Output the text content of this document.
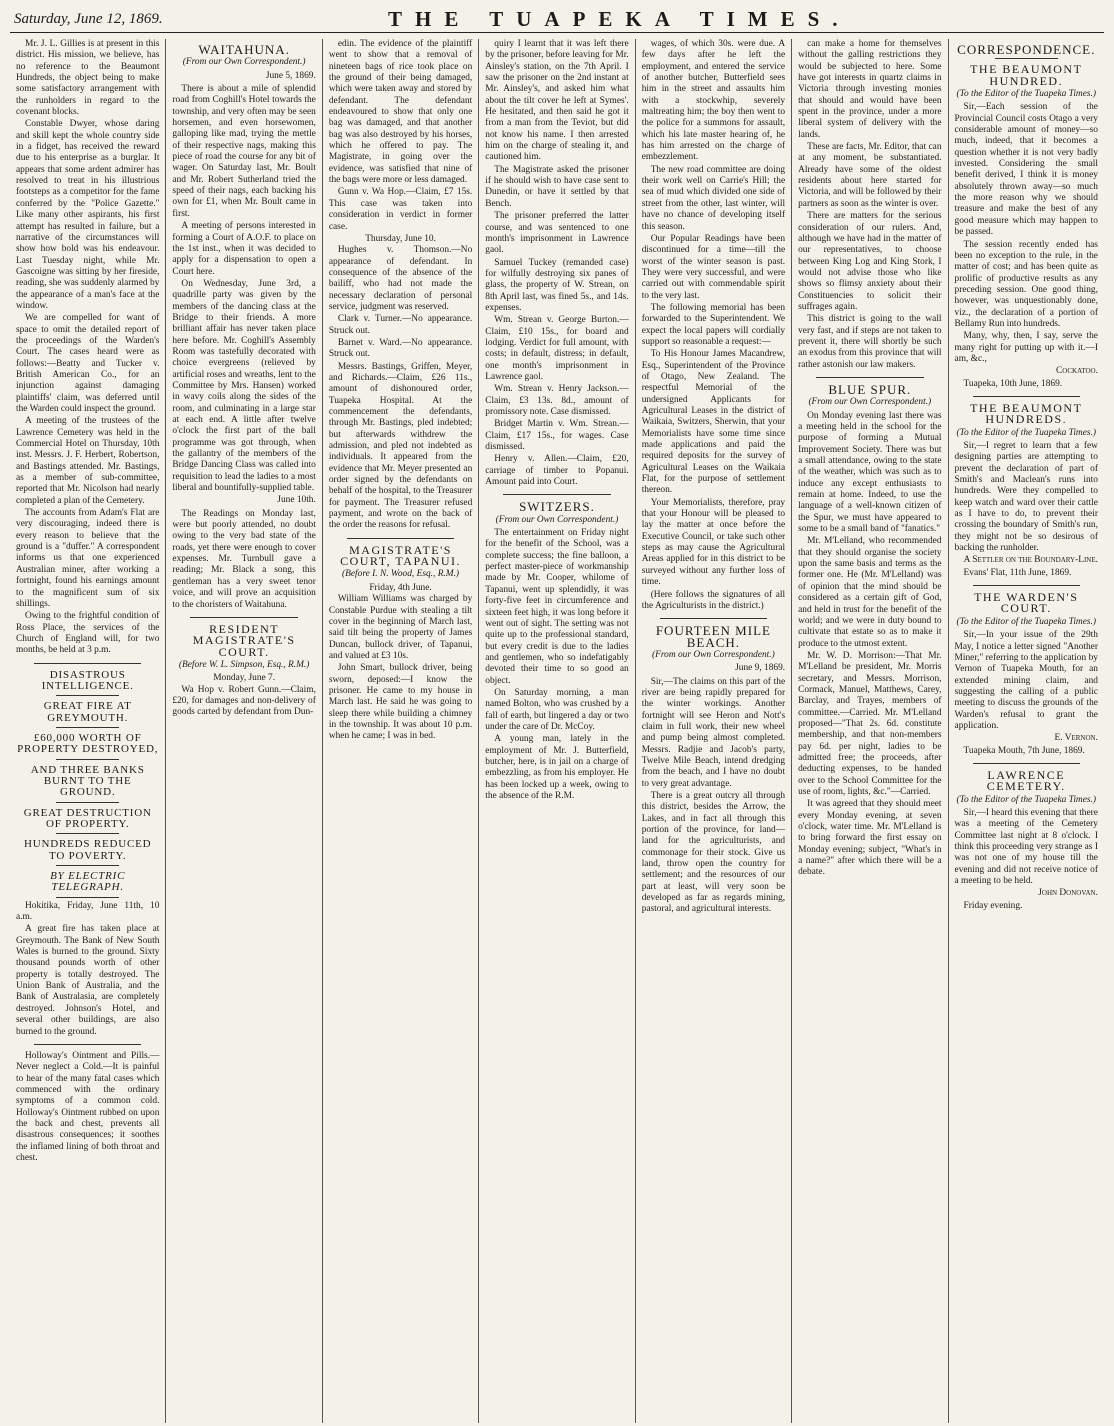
Saturday, June 12, 1869.	THE TUAPEKA TIMES.

Mr. J. L. Gillies is at present in this district. His mission, we believe, has no reference to the Beaumont Hundreds, the object being to make some satisfactory arrangement with the runholders in regard to the covenant blocks.

Constable Dwyer, whose daring and skill kept the whole country side in a fidget, has received the reward due to his enterprise as a burglar. It appears that some ardent admirer has resolved to treat in his illustrious footsteps as a competitor for the fame conferred by the "Police Gazette." Like many other aspirants, his first attempt has resulted in failure, but a narrative of the circumstances will show how bold was his endeavour. Last Tuesday night, while Mr. Gascoigne was sitting by her fireside, reading, she was suddenly alarmed by the appearance of a man's face at the window.

We are compelled for want of space to omit the detailed report of the proceedings of the Warden's Court. The cases heard were as follows:—Beatty and Tucker v. British American Co., for an injunction against damaging plaintiffs' claim, was deferred until the Warden could inspect the ground.

A meeting of the trustees of the Lawrence Cemetery was held in the Commercial Hotel on Thursday, 10th inst. Messrs. J. F. Herbert, Robertson, and Bastings attended. Mr. Bastings, as a member of sub-committee, reported that Mr. Nicolson had nearly completed a plan of the Cemetery.

The accounts from Adam's Flat are very discouraging, indeed there is every reason to believe that the ground is a "duffer." A correspondent informs us that one experienced Australian miner, after working a fortnight, found his earnings amount to the magnificent sum of six shillings.

Owing to the frightful condition of Ross Place, the services of the Church of England will, for two months, be held at 3 p.m.

DISASTROUS INTELLIGENCE.
GREAT FIRE AT GREYMOUTH.
£60,000 WORTH OF PROPERTY DESTROYED,
AND THREE BANKS BURNT TO THE GROUND.
GREAT DESTRUCTION OF PROPERTY.
HUNDREDS REDUCED TO POVERTY.
BY ELECTRIC TELEGRAPH.

Hokitika, Friday, June 11th, 10 a.m.

A great fire has taken place at Greymouth. The Bank of New South Wales is burned to the ground. Sixty thousand pounds worth of other property is totally destroyed. The Union Bank of Australia, and the Bank of Australasia, are completely destroyed. Johnson's Hotel, and several other buildings, are also burned to the ground.

Holloway's Ointment and Pills.—Never neglect a Cold.—It is painful to hear of the many fatal cases which commenced with the ordinary symptoms of a common cold. Holloway's Ointment rubbed on upon the back and chest, prevents all disastrous consequences; it soothes the inflamed lining of both throat and chest.

WAITAHUNA.
(From our Own Correspondent.)
June 5, 1869.

There is about a mile of splendid road from Coghill's Hotel towards the township, and very often may be seen horsemen, and even horsewomen, galloping like mad, trying the mettle of their respective nags, making this piece of road the course for any bit of wager. On Saturday last, Mr. Boult and Mr. Robert Sutherland tried the speed of their nags, each backing his own for £1, when Mr. Boult came in first.

A meeting of persons interested in forming a Court of A.O.F. to place on the 1st inst., when it was decided to apply for a dispensation to open a Court here.

On Wednesday, June 3rd, a quadrille party was given by the members of the dancing class at the Bridge to their friends. A more brilliant affair has never taken place here before. Mr. Coghill's Assembly Room was tastefully decorated with choice evergreens (relieved by artificial roses and wreaths, lent to the Committee by Mrs. Hansen) worked in wavy coils along the sides of the room, and culminating in a large star at each end. A little after twelve o'clock the first part of the ball programme was got through, when the gallantry of the members of the Bridge Dancing Class was called into requisition to lead the ladies to a most liberal and bountifully-supplied table.

June 10th.

The Readings on Monday last, were but poorly attended, no doubt owing to the very bad state of the roads, yet there were enough to cover expenses. Mr. Turnbull gave a reading; Mr. Black a song, this gentleman has a very sweet tenor voice, and will prove an acquisition to the choristers of Waitahuna.

RESIDENT MAGISTRATE'S COURT.
(Before W. L. Simpson, Esq., R.M.)
Monday, June 7.

Wa Hop v. Robert Gunn.—Claim, £20, for damages and non-delivery of goods carted by defendant from Dun-

edin. The evidence of the plaintiff went to show that a removal of nineteen bags of rice took place on the ground of their being damaged, which were taken away and stored by defendant. The defendant endeavoured to show that only one bag was damaged, and that another bag was also destroyed by his horses, which he offered to pay. The Magistrate, in going over the evidence, was satisfied that nine of the bags were more or less damaged.

Gunn v. Wa Hop.—Claim, £7 15s. This case was taken into consideration in verdict in former case.

Thursday, June 10.

Hughes v. Thomson.—No appearance of defendant. In consequence of the absence of the bailiff, who had not made the necessary declaration of personal service, judgment was reserved.

Clark v. Turner.—No appearance. Struck out.

Barnet v. Ward.—No appearance. Struck out.

Messrs. Bastings, Griffen, Meyer, and Richards.—Claim, £26 11s., amount of dishonoured order, Tuapeka Hospital. At the commencement the defendants, through Mr. Bastings, pled indebted; but afterwards withdrew the admission, and pled not indebted as individuals. It appeared from the evidence that Mr. Meyer presented an order signed by the defendants on behalf of the hospital, to the Treasurer for payment. The Treasurer refused payment, and wrote on the back of the order the reasons for refusal.

MAGISTRATE'S COURT, TAPANUI.
(Before I. N. Wood, Esq., R.M.)
Friday, 4th June.

William Williams was charged by Constable Purdue with stealing a tilt cover in the beginning of March last, said tilt being the property of James Duncan, bullock driver, of Tapanui, and valued at £3 10s.

John Smart, bullock driver, being sworn, deposed:—I know the prisoner. He came to my house in March last. He said he was going to sleep there while building a chimney in the township. It was about 10 p.m. when he came; I was in bed.

quiry I learnt that it was left there by the prisoner, before leaving for Mr. Ainsley's station, on the 7th April. I saw the prisoner on the 2nd instant at Mr. Ainsley's, and asked him what about the tilt cover he left at Symes'. He hesitated, and then said he got it from a man from the Teviot, but did not know his name. I then arrested him on the charge of stealing it, and cautioned him.

The Magistrate asked the prisoner if he should wish to have case sent to Dunedin, or have it settled by that Bench.

The prisoner preferred the latter course, and was sentenced to one month's imprisonment in Lawrence gaol.

Samuel Tuckey (remanded case) for wilfully destroying six panes of glass, the property of W. Strean, on 8th April last, was fined 5s., and 14s. expenses.

Wm. Strean v. George Burton.—Claim, £10 15s., for board and lodging. Verdict for full amount, with costs; in default, distress; in default, one month's imprisonment in Lawrence gaol.

Wm. Strean v. Henry Jackson.—Claim, £3 13s. 8d., amount of promissory note. Case dismissed.

Bridget Martin v. Wm. Strean.—Claim, £17 15s., for wages. Case dismissed.

Henry v. Allen.—Claim, £20, carriage of timber to Popanui. Amount paid into Court.

SWITZERS.
(From our Own Correspondent.)

The entertainment on Friday night for the benefit of the School, was a complete success; the fine balloon, a perfect master-piece of workmanship made by Mr. Cooper, whilome of Tapanui, went up splendidly, it was forty-five feet in circumference and sixteen feet high, it was long before it went out of sight. The setting was not quite up to the professional standard, but every credit is due to the ladies and gentlemen, who so indefatigably devoted their time to so good an object.

On Saturday morning, a man named Bolton, who was crushed by a fall of earth, but lingered a day or two under the care of Dr. McCoy.

A young man, lately in the employment of Mr. J. Butterfield, butcher, here, is in jail on a charge of embezzling, as from his employer. He has been locked up a week, owing to the absence of the R.M.

wages, of which 30s. were due. A few days after he left the employment, and entered the service of another butcher, Butterfield sees him in the street and assaults him with a stockwhip, severely maltreating him; the boy then went to the police for a summons for assault, which his late master hearing of, he has him arrested on the charge of embezzlement.

The new road committee are doing their work well on Carrie's Hill; the sea of mud which divided one side of street from the other, last winter, will have no chance of developing itself this season.

Our Popular Readings have been discontinued for a time—till the worst of the winter season is past. They were very successful, and were carried out with commendable spirit to the very last.

The following memorial has been forwarded to the Superintendent. We expect the local papers will cordially support so reasonable a request:—

To His Honour James Macandrew, Esq., Superintendent of the Province of Otago, New Zealand. The respectful Memorial of the undersigned Applicants for Agricultural Leases in the district of Waikaia, Switzers, Sherwin, that your Memorialists have some time since made applications and paid the required deposits for the survey of Agricultural Leases on the Waikaia Flat, for the purpose of settlement thereon.

Your Memorialists, therefore, pray that your Honour will be pleased to lay the matter at once before the Executive Council, or take such other steps as may cause the Agricultural Areas applied for in this district to be surveyed without any further loss of time.

(Here follows the signatures of all the Agriculturists in the district.)

FOURTEEN MILE BEACH.
(From our Own Correspondent.)
June 9, 1869.

Sir,—The claims on this part of the river are being rapidly prepared for the winter workings. Another fortnight will see Heron and Nott's claim in full work, their new wheel and pump being almost completed. Messrs. Radjie and Jacob's party, Twelve Mile Beach, intend dredging from the beach, and I have no doubt to very great advantage.

There is a great outcry all through this district, besides the Arrow, the Lakes, and in fact all through this portion of the province, for land—land for the agriculturists, and commonage for their stock. Give us land, throw open the country for settlement; and the resources of our part at least, will very soon be developed as far as regards mining, pastoral, and agricultural interests.

can make a home for themselves without the galling restrictions they would be subjected to here. Some have got interests in quartz claims in Victoria through investing monies that should and would have been spent in the province, under a more liberal system of delivery with the lands.

These are facts, Mr. Editor, that can at any moment, be substantiated. Already have some of the oldest residents about here started for Victoria, and will be followed by their partners as soon as the winter is over.

There are matters for the serious consideration of our rulers. And, although we have had in the matter of our representatives, to choose between King Log and King Stork, I would not advise those who like shows so flimsy anxiety about their Constituencies to solicit their suffrages again.

This district is going to the wall very fast, and if steps are not taken to prevent it, there will shortly be such an exodus from this province that will rather astonish our law makers.

BLUE SPUR.
(From our Own Correspondent.)

On Monday evening last there was a meeting held in the school for the purpose of forming a Mutual Improvement Society. There was but a small attendance, owing to the state of the weather, which was such as to induce any except enthusiasts to remain at home. Indeed, to use the language of a well-known citizen of the Spur, we must have appeared to some to be a small band of "fanatics."

Mr. M'Lelland, who recommended that they should organise the society upon the same basis and terms as the former one. He (Mr. M'Lelland) was of opinion that the mind should be considered as a certain gift of God, and held in trust for the benefit of the world; and we were in duty bound to cultivate that estate so as to make it produce to the utmost extent.

Mr. W. D. Morrison:—That Mr. M'Lelland be president, Mr. Morris secretary, and Messrs. Morrison, Cormack, Manuel, Matthews, Carey, Barclay, and Trayes, members of committee.—Carried. Mr. M'Lelland proposed—"That 2s. 6d. constitute membership, and that non-members pay 6d. per night, ladies to be admitted free; the proceeds, after deducting expenses, to be handed over to the School Committee for the use of room, lights, &c."—Carried.

It was agreed that they should meet every Monday evening, at seven o'clock, water time. Mr. M'Lelland is to bring forward the first essay on Monday evening; subject, "What's in a name?" after which there will be a debate.

CORRESPONDENCE.
THE BEAUMONT HUNDRED.
(To the Editor of the Tuapeka Times.)

Sir,—Each session of the Provincial Council costs Otago a very considerable amount of money—so much, indeed, that it becomes a question whether it is not very badly invested. Considering the small benefit derived, I think it is money absolutely thrown away—so much the more reason why we should treasure and make the best of any good measure which may happen to be passed.

The session recently ended has been no exception to the rule, in the matter of cost; and has been quite as prolific of productive results as any preceding session. One good thing, however, was unquestionably done, viz., the declaration of a portion of Bellamy Run into hundreds.

Many, why, then, I say, serve the many right for putting up with it.—I am, &c.,

Cockatoo.

Tuapeka, 10th June, 1869.

THE BEAUMONT HUNDREDS.
(To the Editor of the Tuapeka Times.)

Sir,—I regret to learn that a few designing parties are attempting to prevent the declaration of part of Smith's and Maclean's runs into hundreds. Were they compelled to keep watch and ward over their cattle as I have to do, to prevent their crossing the boundary of Smith's run, they might not be so desirous of backing the runholder.

A Settler on the Boundary-Line.

Evans' Flat, 11th June, 1869.

THE WARDEN'S COURT.
(To the Editor of the Tuapeka Times.)

Sir,—In your issue of the 29th May, I notice a letter signed "Another Miner," referring to the application by Vernon of Tuapeka Mouth, for an extended mining claim, and suggesting the calling of a public meeting to discuss the grounds of the Warden's refusal to grant the application.

E. Vernon.

Tuapeka Mouth, 7th June, 1869.

LAWRENCE CEMETERY.
(To the Editor of the Tuapeka Times.)

Sir,—I heard this evening that there was a meeting of the Cemetery Committee last night at 8 o'clock. I think this proceeding very strange as I was not one of my house till the evening and did not receive notice of a meeting to be held.

John Donovan.

Friday evening.
